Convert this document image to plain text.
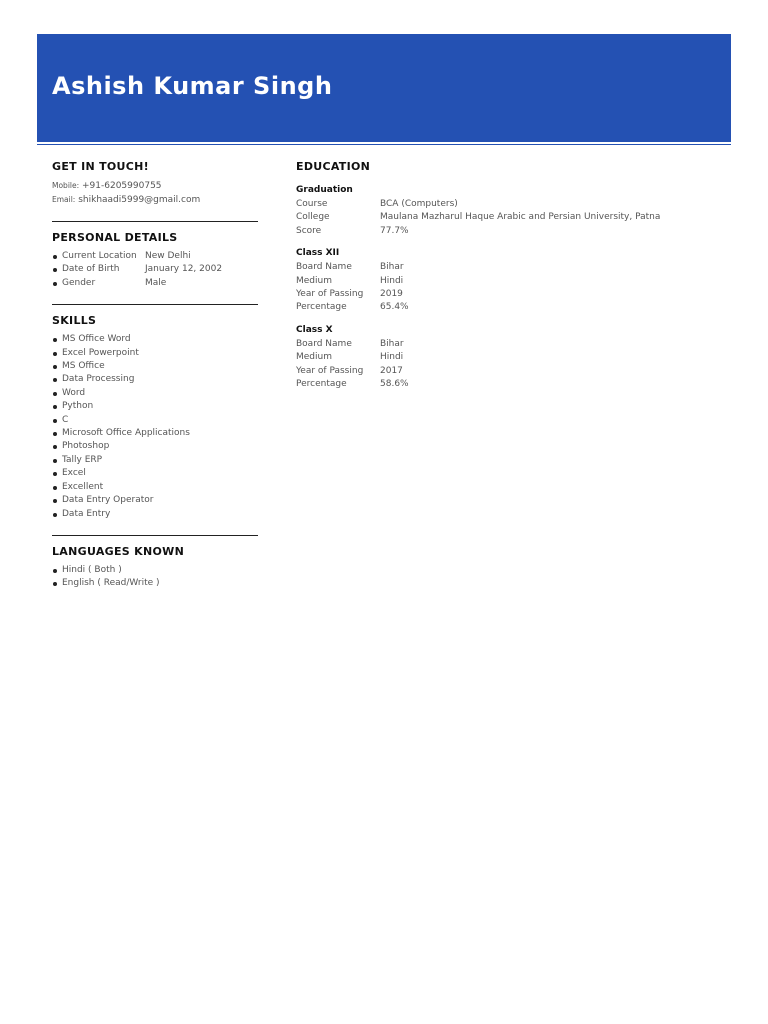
Ashish Kumar Singh
GET IN TOUCH!
Mobile: +91-6205990755
Email: shikhaadi5999@gmail.com
PERSONAL DETAILS
Current Location New Delhi
Date of Birth	January 12, 2002
Gender	Male
SKILLS
MS Office Word
Excel Powerpoint
MS Office
Data Processing
Word
Python
C
Microsoft Office Applications
Photoshop
Tally ERP
Excel
Excellent
Data Entry Operator
Data Entry
LANGUAGES KNOWN
Hindi ( Both )
English ( Read/Write )
EDUCATION
Graduation
Course	BCA (Computers)
College	Maulana Mazharul Haque Arabic and Persian University, Patna
Score	77.7%
Class XII
Board Name	Bihar
Medium	Hindi
Year of Passing 2019
Percentage	65.4%
Class X
Board Name	Bihar
Medium	Hindi
Year of Passing 2017
Percentage	58.6%
